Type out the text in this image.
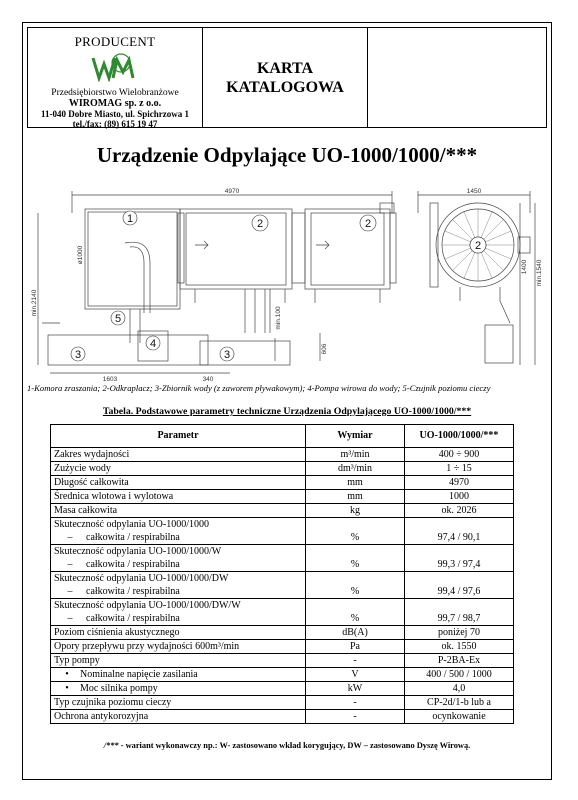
PRODUCENT
Przedsiębiorstwo Wielobranżowe
WIROMAG sp. z o.o.
11-040 Dobre Miasto, ul. Spichrzowa 1
tel./fax: (89) 615 19 47
KARTA
KATALOGOWA
Urządzenie Odpylające UO-1000/1000/***
1	2	2
2
3	3
4
5
4970	1450
1603	340
min.2140
ø1000
min.100
606
1400 min.1540
1-Komora zraszania; 2-Odkraplacz; 3-Zbiornik wody (z zaworem pływakowym); 4-Pompa wirowa do wody; 5-Czujnik poziomu cieczy
Tabela. Podstawowe parametry techniczne Urządzenia Odpylającego UO-1000/1000/***
Parametr	Wymiar	UO-1000/1000/***
Zakres wydajności	m³/min	400 ÷ 900
Zużycie wody	dm³/min	1 ÷ 15
Długość całkowita	mm	4970
Średnica wlotowa i wylotowa	mm	1000
Masa całkowita	kg	ok. 2026
Skuteczność odpylania UO-1000/1000		
– całkowita / respirabilna	%	97,4 / 90,1
Skuteczność odpylania UO-1000/1000/W		
– całkowita / respirabilna	%	99,3 / 97,4
Skuteczność odpylania UO-1000/1000/DW		
– całkowita / respirabilna	%	99,4 / 97,6
Skuteczność odpylania UO-1000/1000/DW/W		
– całkowita / respirabilna	%	99,7 / 98,7
Poziom ciśnienia akustycznego	dB(A)	poniżej 70
Opory przepływu przy wydajności 600m³/min	Pa	ok. 1550
Typ pompy	-	P-2BA-Ex
• Nominalne napięcie zasilania	V	400 / 500 / 1000
• Moc silnika pompy	kW	4,0
Typ czujnika poziomu cieczy	-	CP-2d/1-b lub a
Ochrona antykorozyjna	-	ocynkowanie
/*** - wariant wykonawczy np.: W- zastosowano wkład korygujący, DW – zastosowano Dyszę Wirową.
